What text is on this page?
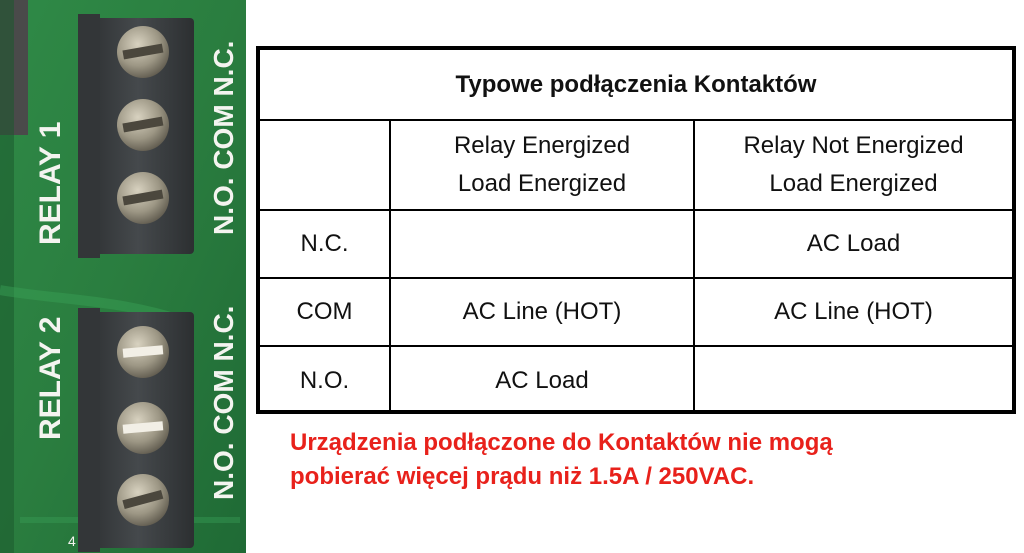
RELAY 1
RELAY 2
N.O. COM N.C.
N.O. COM N.C.
4
Typowe podłączenia Kontaktów		

	Relay Energized
Load Energized	Relay Not Energized
Load Energized

N.C.		AC Load
COM	AC Line (HOT)	AC Line (HOT)
N.O.	AC Load	
Urządzenia podłączone do Kontaktów nie mogą
pobierać więcej prądu niż 1.5A / 250VAC.
